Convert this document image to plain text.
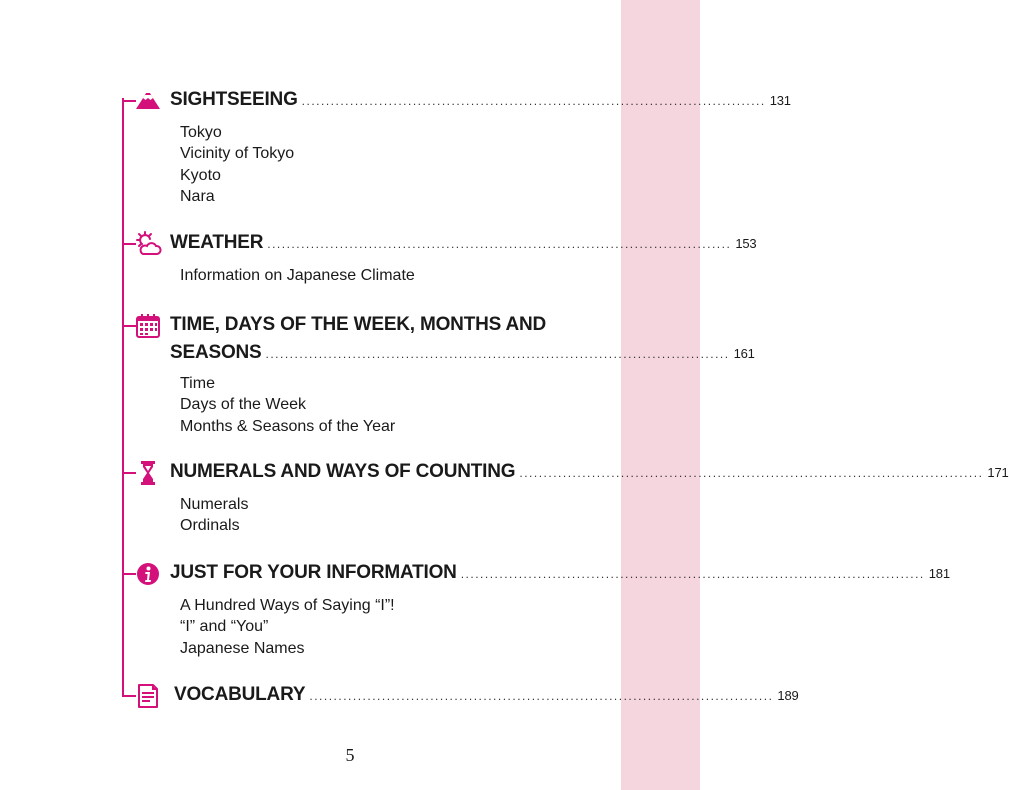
SIGHTSEEING ................................................................................................ 131
Tokyo
Vicinity of Tokyo
Kyoto
Nara
WEATHER ................................................................................................ 153
Information on Japanese Climate
TIME, DAYS OF THE WEEK, MONTHS AND
SEASONS ................................................................................................ 161
Time
Days of the Week
Months & Seasons of the Year
NUMERALS AND WAYS OF COUNTING ................................................................................................ 171
Numerals
Ordinals
JUST FOR YOUR INFORMATION ................................................................................................ 181
A Hundred Ways of Saying “I”!
“I” and “You”
Japanese Names
VOCABULARY ................................................................................................ 189
5
